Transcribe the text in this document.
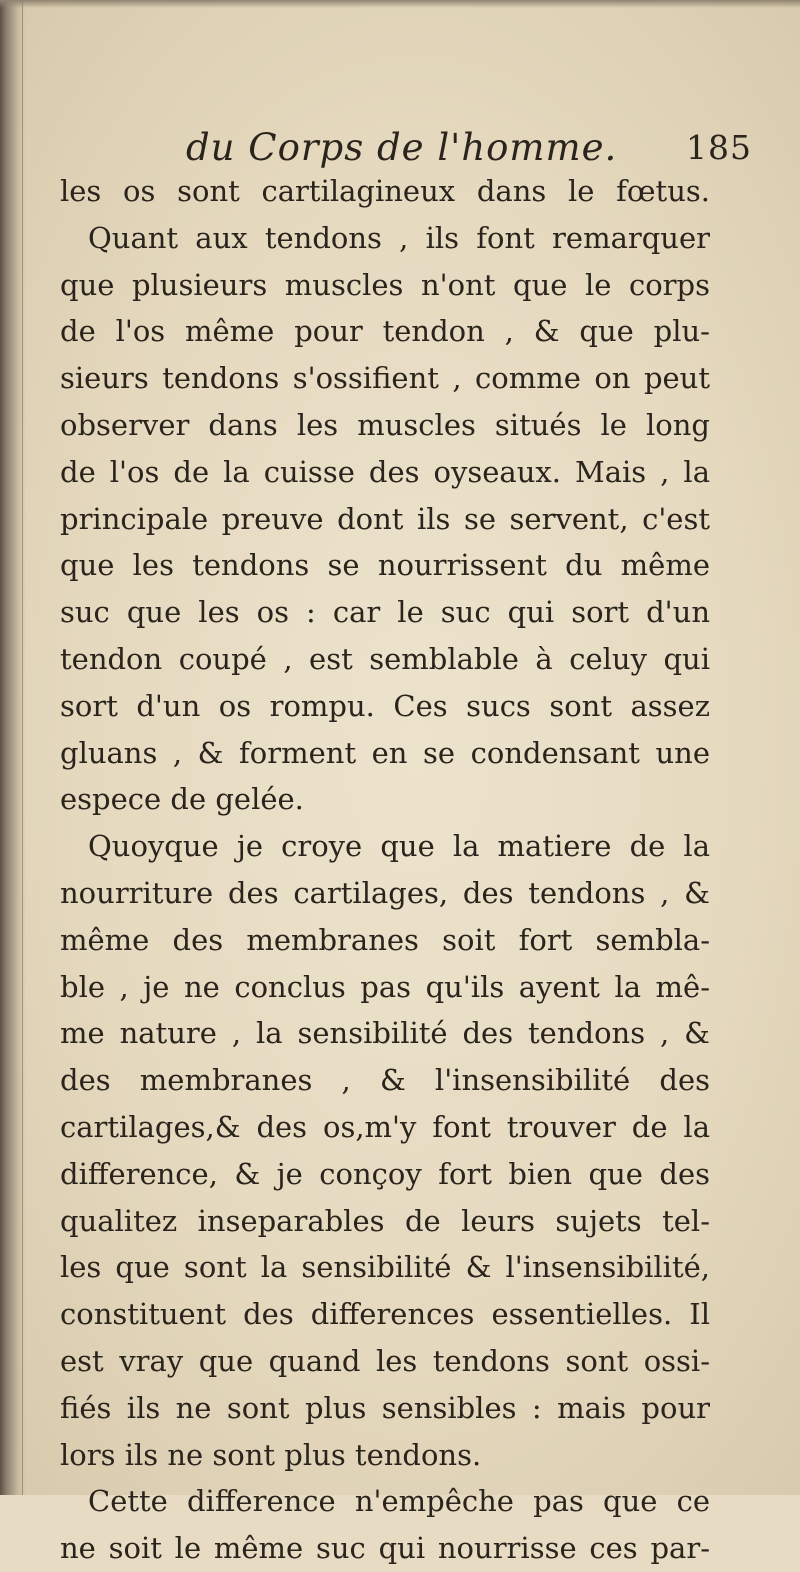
du Corps de l'homme. 185
les os sont cartilagineux dans le fœtus.
Quant aux tendons , ils font remarquer
que plusieurs muscles n'ont que le corps
de l'os même pour tendon , & que plu-
sieurs tendons s'ossifient , comme on peut
observer dans les muscles situés le long
de l'os de la cuisse des oyseaux. Mais , la
principale preuve dont ils se servent, c'est
que les tendons se nourrissent du même
suc que les os : car le suc qui sort d'un
tendon coupé , est semblable à celuy qui
sort d'un os rompu. Ces sucs sont assez
gluans , & forment en se condensant une
espece de gelée.
Quoyque je croye que la matiere de la
nourriture des cartilages, des tendons , &
même des membranes soit fort sembla-
ble , je ne conclus pas qu'ils ayent la mê-
me nature , la sensibilité des tendons , &
des membranes , & l'insensibilité des
cartilages,& des os,m'y font trouver de la
difference, & je conçoy fort bien que des
qualitez inseparables de leurs sujets tel-
les que sont la sensibilité & l'insensibilité,
constituent des differences essentielles. Il
est vray que quand les tendons sont ossi-
fiés ils ne sont plus sensibles : mais pour
lors ils ne sont plus tendons.
Cette difference n'empêche pas que ce
ne soit le même suc qui nourrisse ces par-
